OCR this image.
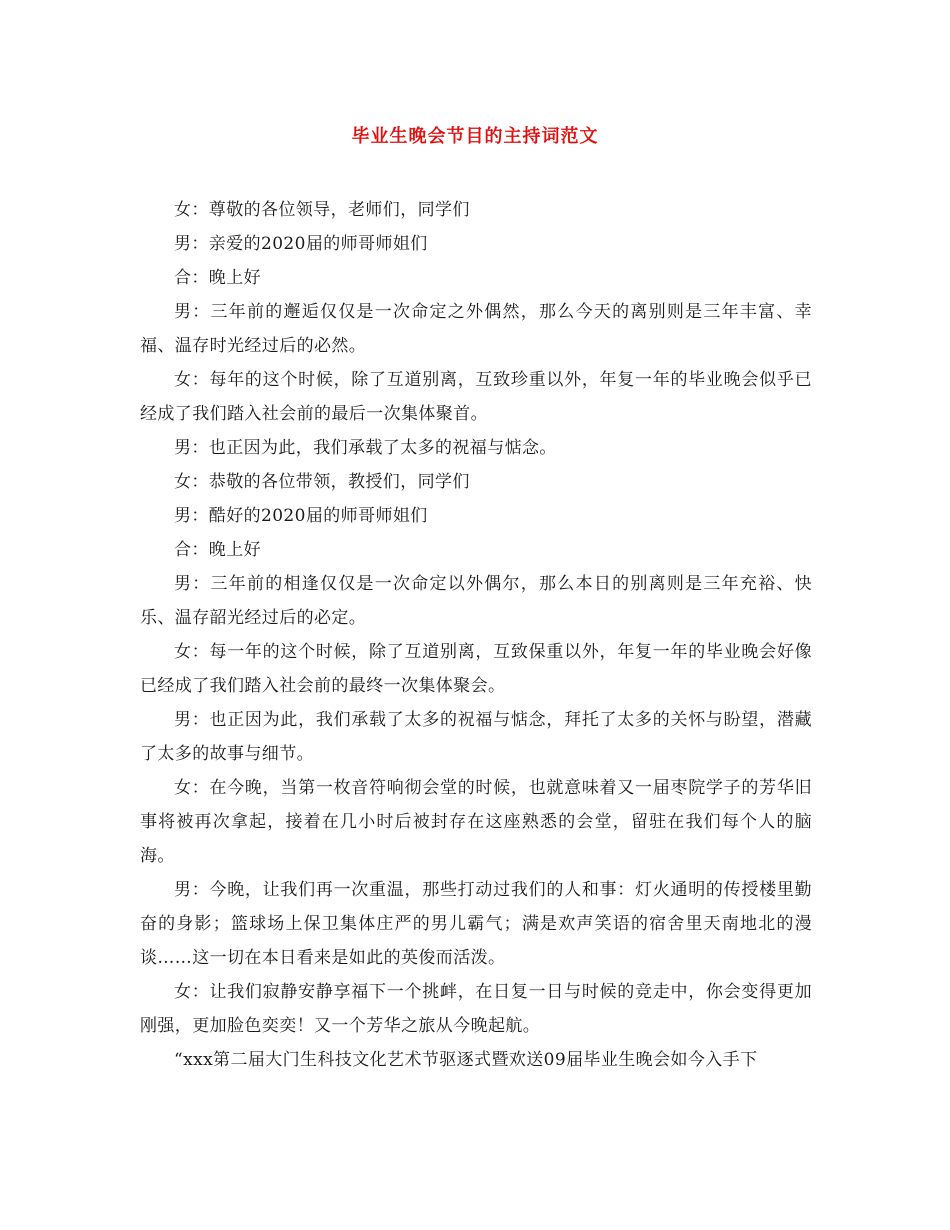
毕业生晚会节目的主持词范文

女：尊敬的各位领导，老师们，同学们

男：亲爱的2020届的师哥师姐们

合：晚上好

男：三年前的邂逅仅仅是一次命定之外偶然，那么今天的离别则是三年丰富、幸福、温存时光经过后的必然。

女：每年的这个时候，除了互道别离，互致珍重以外，年复一年的毕业晚会似乎已经成了我们踏入社会前的最后一次集体聚首。

男：也正因为此，我们承载了太多的祝福与惦念。

女：恭敬的各位带领，教授们，同学们

男：酷好的2020届的师哥师姐们

合：晚上好

男：三年前的相逢仅仅是一次命定以外偶尔，那么本日的别离则是三年充裕、快乐、温存韶光经过后的必定。

女：每一年的这个时候，除了互道别离，互致保重以外，年复一年的毕业晚会好像已经成了我们踏入社会前的最终一次集体聚会。

男：也正因为此，我们承载了太多的祝福与惦念，拜托了太多的关怀与盼望，潜藏了太多的故事与细节。

女：在今晚，当第一枚音符响彻会堂的时候，也就意味着又一届枣院学子的芳华旧事将被再次拿起，接着在几小时后被封存在这座熟悉的会堂，留驻在我们每个人的脑海。

男：今晚，让我们再一次重温，那些打动过我们的人和事：灯火通明的传授楼里勤奋的身影；篮球场上保卫集体庄严的男儿霸气；满是欢声笑语的宿舍里天南地北的漫谈……这一切在本日看来是如此的英俊而活泼。

女：让我们寂静安静享福下一个挑衅，在日复一日与时候的竞走中，你会变得更加刚强，更加脸色奕奕！又一个芳华之旅从今晚起航。

“xxx第二届大门生科技文化艺术节驱逐式暨欢送09届毕业生晚会如今入手下
